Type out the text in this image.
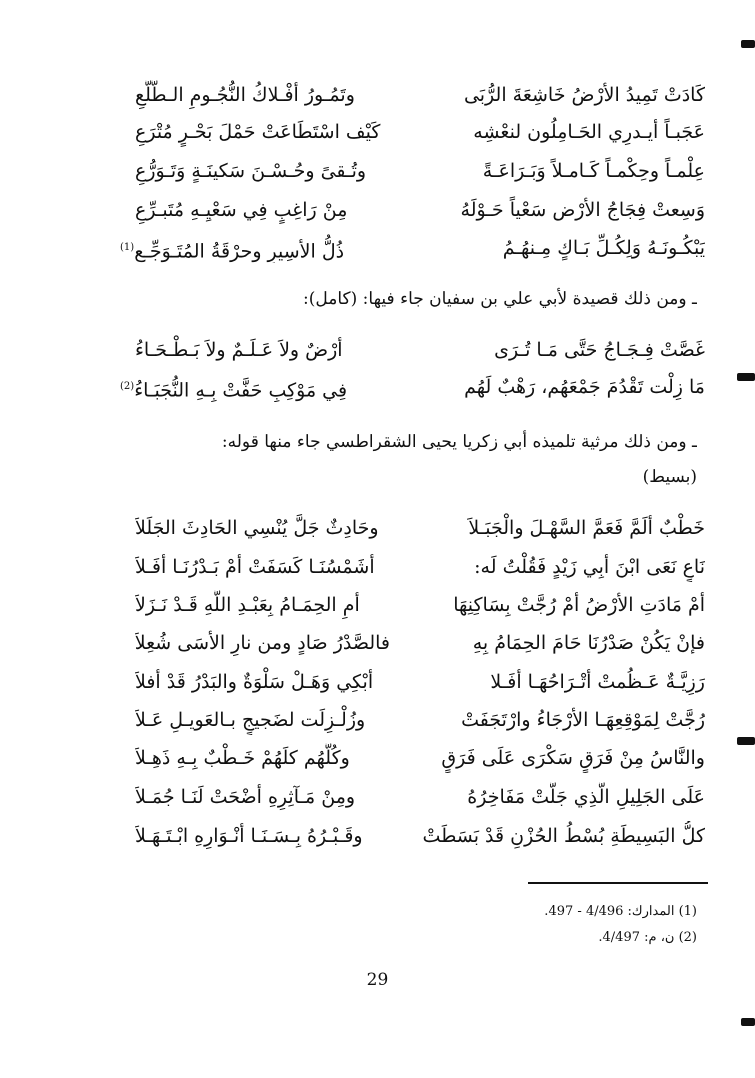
كَادَتْ تَمِيدُ الأرْضُ خَاشِعَةَ الرُّبَى
وتَمُـورُ أفْـلاكُ النُّجُـومِ الـطُّلَّعِ
عَجَبـاً أيـدرِي الحَـامِلُون لنعْشِه
كَيْف اسْتَطَاعَتْ حَمْلَ بَحْـرٍ مُتْرَعِ
عِلْمـاً وحِكْمـاً كَـامـلاً وَبَـرَاعَـةً
وتُـقىً وحُـسْـنَ سَكينَـةٍ وَتَـوَرُّعِ
وَسِعتْ فِجَاجُ الأرْض سَعْياً حَـوْلَهُ
مِنْ رَاغِبٍ فِي سَعْيِـهِ مُتَبـرِّعِ
يَبْكُـونَـهُ وَلِكُـلِّ بَـاكٍ مِـنهُـمُ
ذُلُّ الأسِيرِ وحرْقَةُ المُتَـوَجِّـعِ$^{(1)}$
ـ ومن ذلك قصيدة لأبي علي بن سفيان جاء فيها: (كامل):
غَصَّتْ فِـجَـاجُ حَتَّى مَـا تُـرَى
أرْضٌ ولاَ عَـلَـمٌ ولاَ بَـطْـحَـاءُ
مَا زِلْت تَقْدُمَ جَمْعَهُم، رَهْبٌ لَهُم
فِي مَوْكِبٍ حَفَّتْ بِـهِ النُّجَبَـاءُ$^{(2)}$
ـ ومن ذلك مرثية تلميذه أبي زكريا يحيى الشقراطسي جاء منها قوله:
(بسيط)
خَطْبٌ ألَمَّ فَعَمَّ السَّهْـلَ والْجَبَـلاَ
وحَادِثٌ جَلَّ يُنْسِي الحَادِثَ الجَلَلاَ
نَاعٍ نَعَى ابْنَ أبِي زَيْدٍ فَقُلْتُ لَه:
أشَمْسُنَـا كَسَفَتْ أمْ بَـدْرُنَـا أفَـلاَ
أمْ مَادَتِ الأرْضُ أمْ رُجَّتْ بِسَاكِنِهَا
أمِ الحِمَـامُ بِعَبْـدِ اللَّهِ قَـدْ نَـزَلاَ
فإنْ يَكُنْ صَدْرُنَا حَامَ الحِمَامُ بِهِ
فالصَّدْرُ صَادٍ ومن نارِ الأسَى شُعِلاَ
رَزِيَّـةٌ عَـظُمتْ أتْـرَاحُهَـا أفَـلا
أبْكِي وَهَـلْ سَلْوَةٌ والبَدْرُ قَدْ أفلاَ
رُجَّتْ لِمَوْقِعِهَـا الأرْجَاءُ وارْتَجَفَتْ
وزُلْـزِلَت لضَجيجٍ بـالعَويـلِ عَـلاَ
والنَّاسُ مِنْ فَرَقٍ سَكْرَى عَلَى فَرَقٍ
وكُلُّهُم كلَهُمْ خَـطْبٌ بِـهِ ذَهِـلاَ
عَلَى الجَلِيلِ الَّذِي جَلَّتْ مَفَاخِرُهُ
ومِنْ مَـآثِرِهِ أضْحَتْ لَنَـا جُمَـلاَ
كلُّ البَسِيطَةِ بُسْطُ الحُزْنِ قَدْ بَسَطَتْ
وقَـبْـرُهُ بِـسَـنَـا أنْـوَارِهِ ابْـتَـهَـلاَ
(1) المدارك: 4/496 - 497.
(2) ن، م: 4/497.
29
